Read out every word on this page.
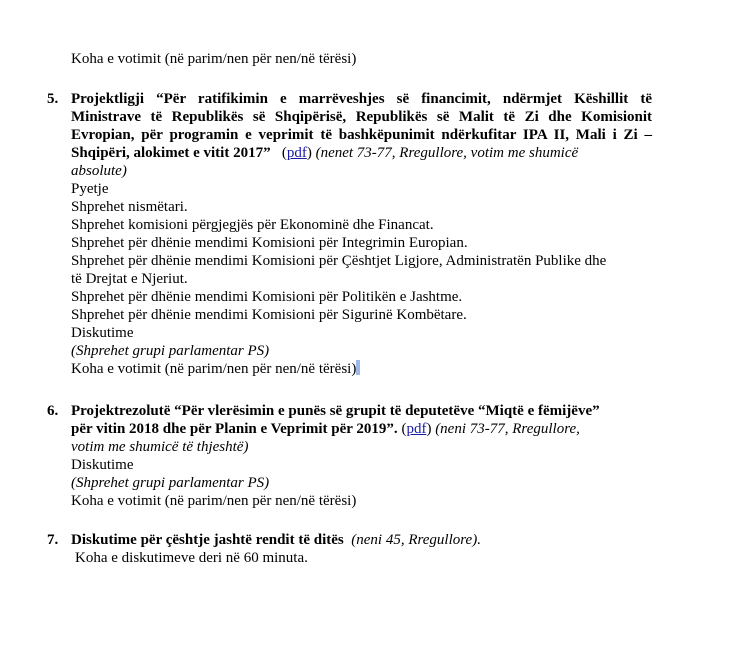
Koha e votimit (në parim/nen për nen/në tërësi)
5. Projektligji “Për ratifikimin e marrëveshjes së financimit, ndërmjet Këshillit të
Ministrave të Republikës së Shqipërisë, Republikës së Malit të Zi dhe Komisionit
Evropian, për programin e veprimit të bashkëpunimit ndërkufitar IPA II, Mali i Zi –
Shqipëri, alokimet e vitit 2017” (pdf) (nenet 73-77, Rregullore, votim me shumicë
absolute)
Pyetje
Shprehet nismëtari.
Shprehet komisioni përgjegjës për Ekonominë dhe Financat.
Shprehet për dhënie mendimi Komisioni për Integrimin Europian.
Shprehet për dhënie mendimi Komisioni për Çështjet Ligjore, Administratën Publike dhe
të Drejtat e Njeriut.
Shprehet për dhënie mendimi Komisioni për Politikën e Jashtme.
Shprehet për dhënie mendimi Komisioni për Sigurinë Kombëtare.
Diskutime
(Shprehet grupi parlamentar PS)
Koha e votimit (në parim/nen për nen/në tërësi)
6. Projektrezolutë “Për vlerësimin e punës së grupit të deputetëve “Miqtë e fëmijëve”
për vitin 2018 dhe për Planin e Veprimit për 2019”. (pdf) (neni 73-77, Rregullore,
votim me shumicë të thjeshtë)
Diskutime
(Shprehet grupi parlamentar PS)
Koha e votimit (në parim/nen për nen/në tërësi)
7. Diskutime për çështje jashtë rendit të ditës (neni 45, Rregullore).
Koha e diskutimeve deri në 60 minuta.
